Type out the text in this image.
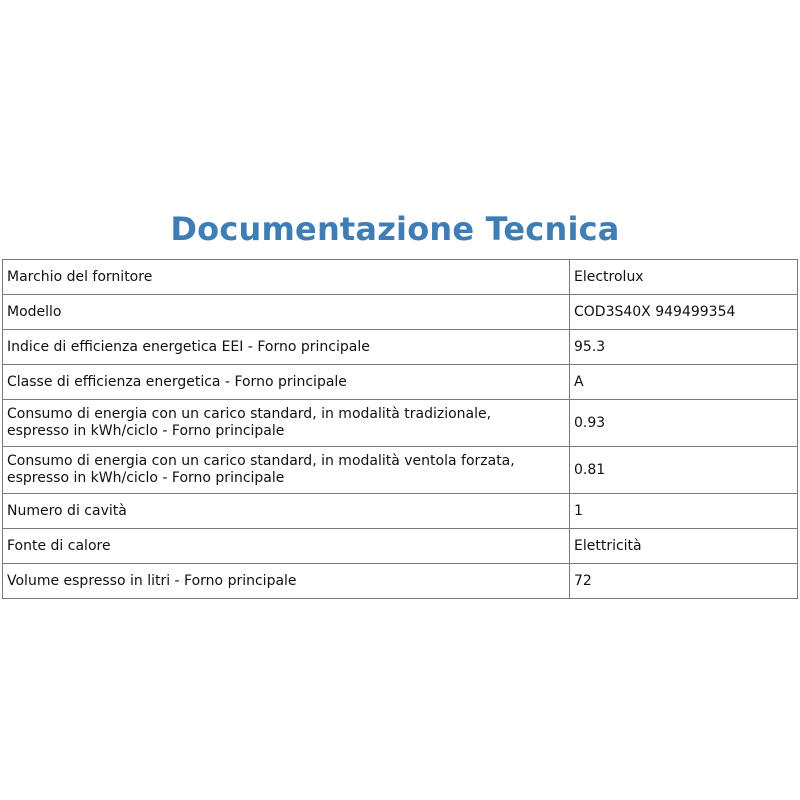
Documentazione Tecnica
Marchio del fornitore	Electrolux
Modello	COD3S40X 949499354
Indice di efficienza energetica EEI - Forno principale	95.3
Classe di efficienza energetica - Forno principale	A

Consumo di energia con un carico standard, in modalità tradizionale,
espresso in kWh/ciclo - Forno principale	0.93

Consumo di energia con un carico standard, in modalità ventola forzata,
espresso in kWh/ciclo - Forno principale	0.81
Numero di cavità	1
Fonte di calore	Elettricità
Volume espresso in litri - Forno principale	72
